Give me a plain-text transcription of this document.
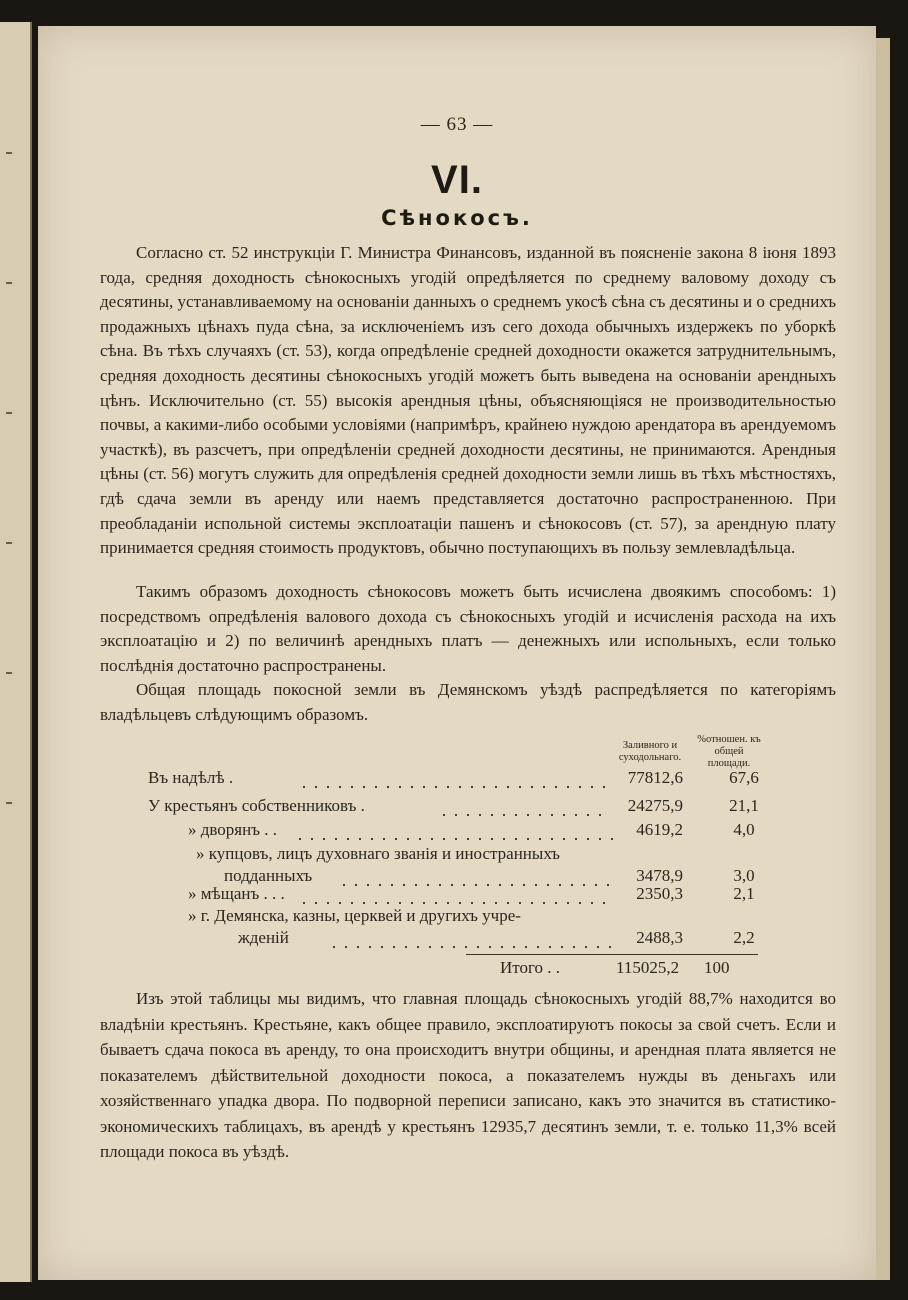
— 63 —
VI.
Сѣнокосъ.

Согласно ст. 52 инструкціи Г. Министра Финансовъ, изданной въ поясненіе закона 8 іюня 1893 года, средняя доходность сѣнокосныхъ угодій опредѣляется по среднему валовому доходу съ десятины, устанавливаемому на основаніи данныхъ о среднемъ укосѣ сѣна съ десятины и о среднихъ продажныхъ цѣнахъ пуда сѣна, за исключеніемъ изъ сего дохода обычныхъ издержекъ по уборкѣ сѣна. Въ тѣхъ случаяхъ (ст. 53), когда опредѣленіе средней доходности окажется затруднительнымъ, средняя доходность десятины сѣнокосныхъ угодій можетъ быть выведена на основаніи арендныхъ цѣнъ. Исключительно (ст. 55) высокія арендныя цѣны, объясняющіяся не производительностью почвы, а какими-либо особыми условіями (напримѣръ, крайнею нуждою арендатора въ арендуемомъ участкѣ), въ разсчетъ, при опредѣленіи средней доходности десятины, не принимаются. Арендныя цѣны (ст. 56) могутъ служить для опредѣленія средней доходности земли лишь въ тѣхъ мѣстностяхъ, гдѣ сдача земли въ аренду или наемъ представляется достаточно распространенною. При преобладаніи испольной системы эксплоатаціи пашенъ и сѣнокосовъ (ст. 57), за арендную плату принимается средняя стоимость продуктовъ, обычно поступающихъ въ пользу землевладѣльца.

Такимъ образомъ доходность сѣнокосовъ можетъ быть исчислена двоякимъ способомъ: 1) посредствомъ опредѣленія валового дохода съ сѣнокосныхъ угодій и исчисленія расхода на ихъ эксплоатацію и 2) по величинѣ арендныхъ платъ — денежныхъ или испольныхъ, если только послѣднія достаточно распространены.

Общая площадь покосной земли въ Демянскомъ уѣздѣ распредѣляется по категоріямъ владѣльцевъ слѣдующимъ образомъ.

Заливного и суходольнаго.
%отношен. къ общей площади.
Въ надѣлѣ .	77812,6	67,6
У крестьянъ собственниковъ .	24275,9	21,1
» дворянъ . .	4619,2	4,0
» купцовъ, лицъ духовнаго званія и иностранныхъ
подданныхъ	3478,9	3,0
» мѣщанъ . . .	2350,3	2,1
» г. Демянска, казны, церквей и другихъ учре-
жденій	2488,3	2,2
Итого . .	115025,2 100

Изъ этой таблицы мы видимъ, что главная площадь сѣнокосныхъ угодій 88,7% находится во владѣніи крестьянъ. Крестьяне, какъ общее правило, эксплоатируютъ покосы за свой счетъ. Если и бываетъ сдача покоса въ аренду, то она происходитъ внутри общины, и арендная плата является не показателемъ дѣйствительной доходности покоса, а показателемъ нужды въ деньгахъ или хозяйственнаго упадка двора. По подворной переписи записано, какъ это значится въ статистико-экономическихъ таблицахъ, въ арендѣ у крестьянъ 12935,7 десятинъ земли, т. е. только 11,3% всей площади покоса въ уѣздѣ.
